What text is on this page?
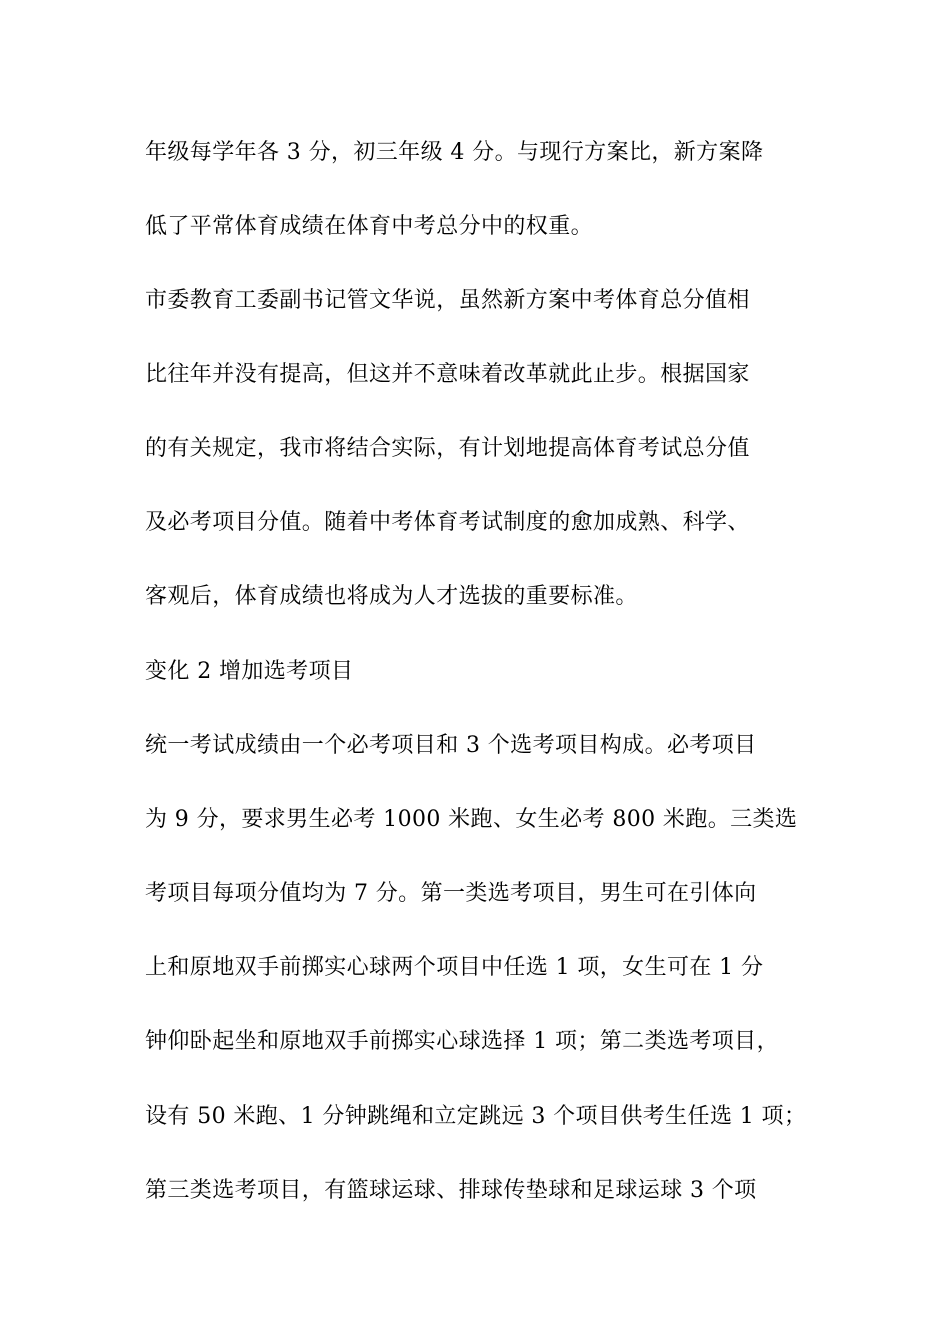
年级每学年各 3 分，初三年级 4 分。与现行方案比，新方案降
低了平常体育成绩在体育中考总分中的权重。
市委教育工委副书记管文华说，虽然新方案中考体育总分值相
比往年并没有提高，但这并不意味着改革就此止步。根据国家
的有关规定，我市将结合实际，有计划地提高体育考试总分值
及必考项目分值。随着中考体育考试制度的愈加成熟、科学、
客观后，体育成绩也将成为人才选拔的重要标准。
变化 2 增加选考项目
统一考试成绩由一个必考项目和 3 个选考项目构成。必考项目
为 9 分，要求男生必考 1000 米跑、女生必考 800 米跑。三类选
考项目每项分值均为 7 分。第一类选考项目，男生可在引体向
上和原地双手前掷实心球两个项目中任选 1 项，女生可在 1 分
钟仰卧起坐和原地双手前掷实心球选择 1 项；第二类选考项目，
设有 50 米跑、1 分钟跳绳和立定跳远 3 个项目供考生任选 1 项；
第三类选考项目，有篮球运球、排球传垫球和足球运球 3 个项
